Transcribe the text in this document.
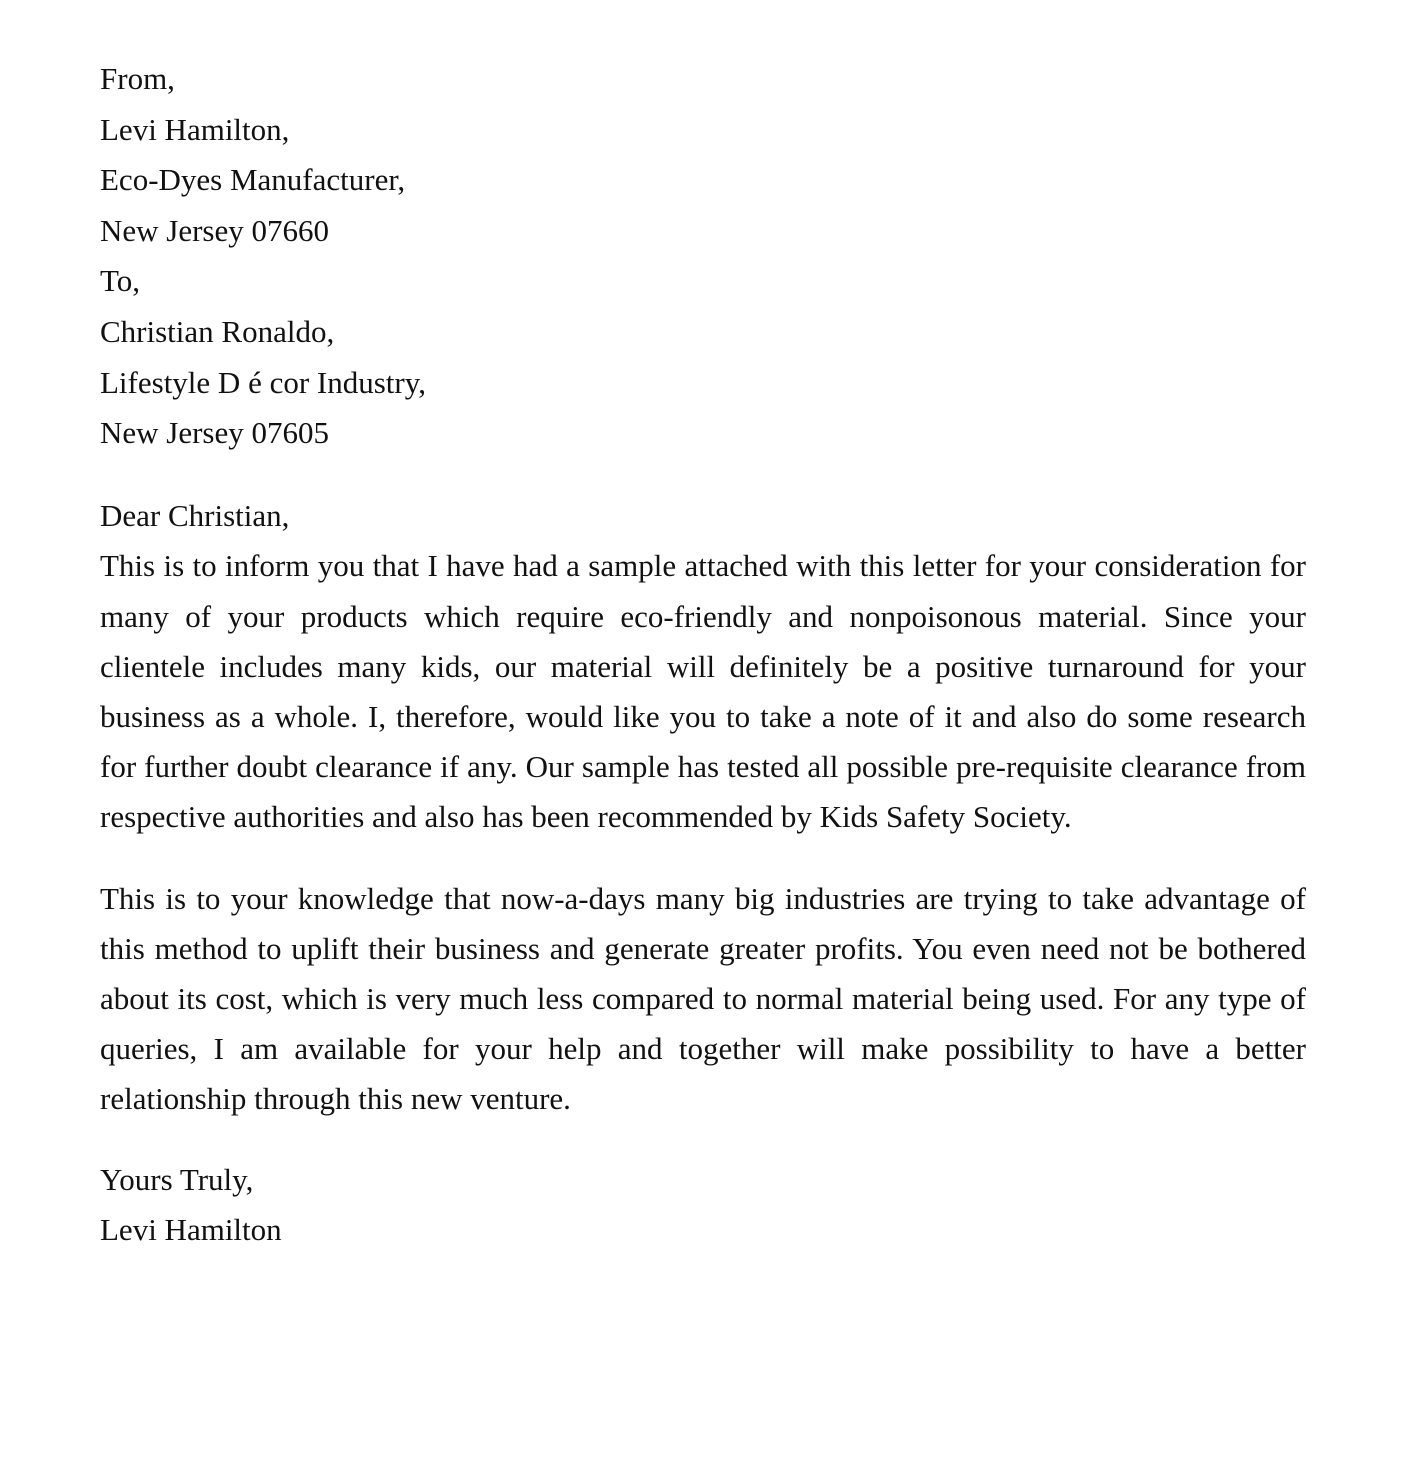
From,

Levi Hamilton,

Eco-Dyes Manufacturer,

New Jersey 07660

To,

Christian Ronaldo,

Lifestyle D é cor Industry,

New Jersey 07605

Dear Christian,

This is to inform you that I have had a sample attached with this letter for your consideration for many of your products which require eco-friendly and nonpoisonous material. Since your clientele includes many kids, our material will definitely be a positive turnaround for your business as a whole. I, therefore, would like you to take a note of it and also do some research for further doubt clearance if any. Our sample has tested all possible pre-requisite clearance from respective authorities and also has been recommended by Kids Safety Society.

This is to your knowledge that now-a-days many big industries are trying to take advantage of this method to uplift their business and generate greater profits. You even need not be bothered about its cost, which is very much less compared to normal material being used. For any type of queries, I am available for your help and together will make possibility to have a better relationship through this new venture.

Yours Truly,

Levi Hamilton
